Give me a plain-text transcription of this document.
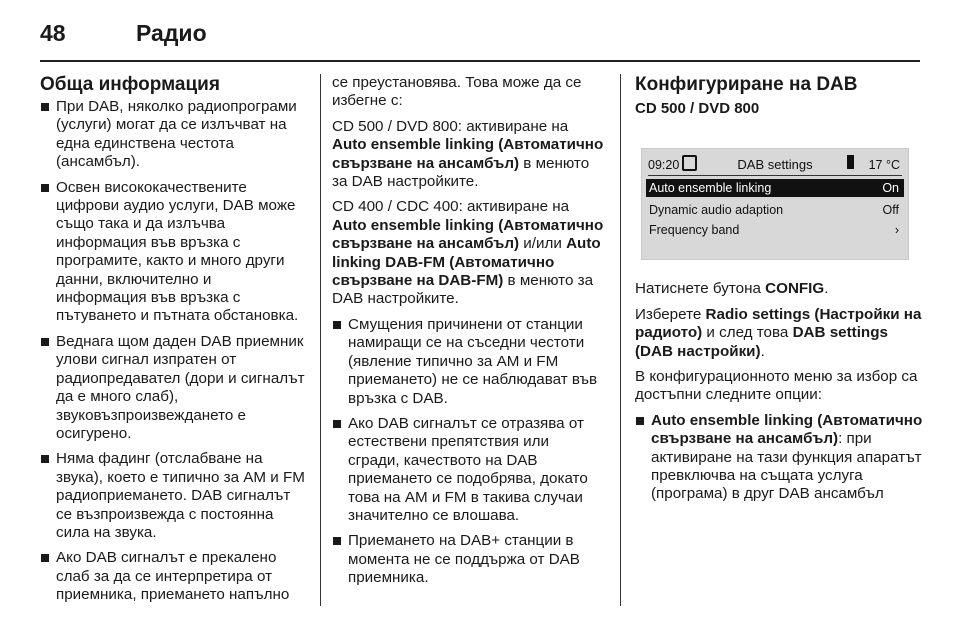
48	Радио
Обща информация
При DAB, няколко радиопрограми (услуги) могат да се излъчват на една единствена честота (ансамбъл).
Освен висококачествените цифрови аудио услуги, DAB може също така и да излъчва информация във връзка с програмите, както и много други данни, включително и информация във връзка с пътуването и пътната обстановка.
Веднага щом даден DAB приемник улови сигнал изпратен от радиопредавател (дори и сигналът да е много слаб), звуковъзпроизвеждането е осигурено.
Няма фадинг (отслабване на звука), което е типично за AM и FM радиоприемането. DAB сигналът се възпроизвежда с постоянна сила на звука.
Ако DAB сигналът е прекалено слаб за да се интерпретира от приемника, приемането напълно

се преустановява. Това може да се избегне с:

CD 500 / DVD 800: активиране на Auto ensemble linking (Автоматично свързване на ансамбъл) в менюто за DAB настройките.

CD 400 / CDC 400: активиране на Auto ensemble linking (Автоматично свързване на ансамбъл) и/или Auto linking DAB-FM (Автоматично свързване на DAB-FM) в менюто за DAB настройките.

Смущения причинени от станции намиращи се на съседни честоти (явление типично за AM и FM приемането) не се наблюдават във връзка с DAB.
Ако DAB сигналът се отразява от естествени препятствия или сгради, качеството на DAB приемането се подобрява, докато това на AM и FM в такива случаи значително се влошава.
Приемането на DAB+ станции в момента не се поддържа от DAB приемника.
Конфигуриране на DAB
CD 500 / DVD 800
09:20	DAB settings	17 °C
Auto ensemble linking	On
Dynamic audio adaption	Off
Frequency band	›

Натиснете бутона CONFIG.

Изберете Radio settings (Настройки на радиото) и след това DAB settings (DAB настройки).

В конфигурационното меню за избор са достъпни следните опции:

Auto ensemble linking (Автоматично свързване на ансамбъл): при активиране на тази функция апаратът превключва на същата услуга (програма) в друг DAB ансамбъл
